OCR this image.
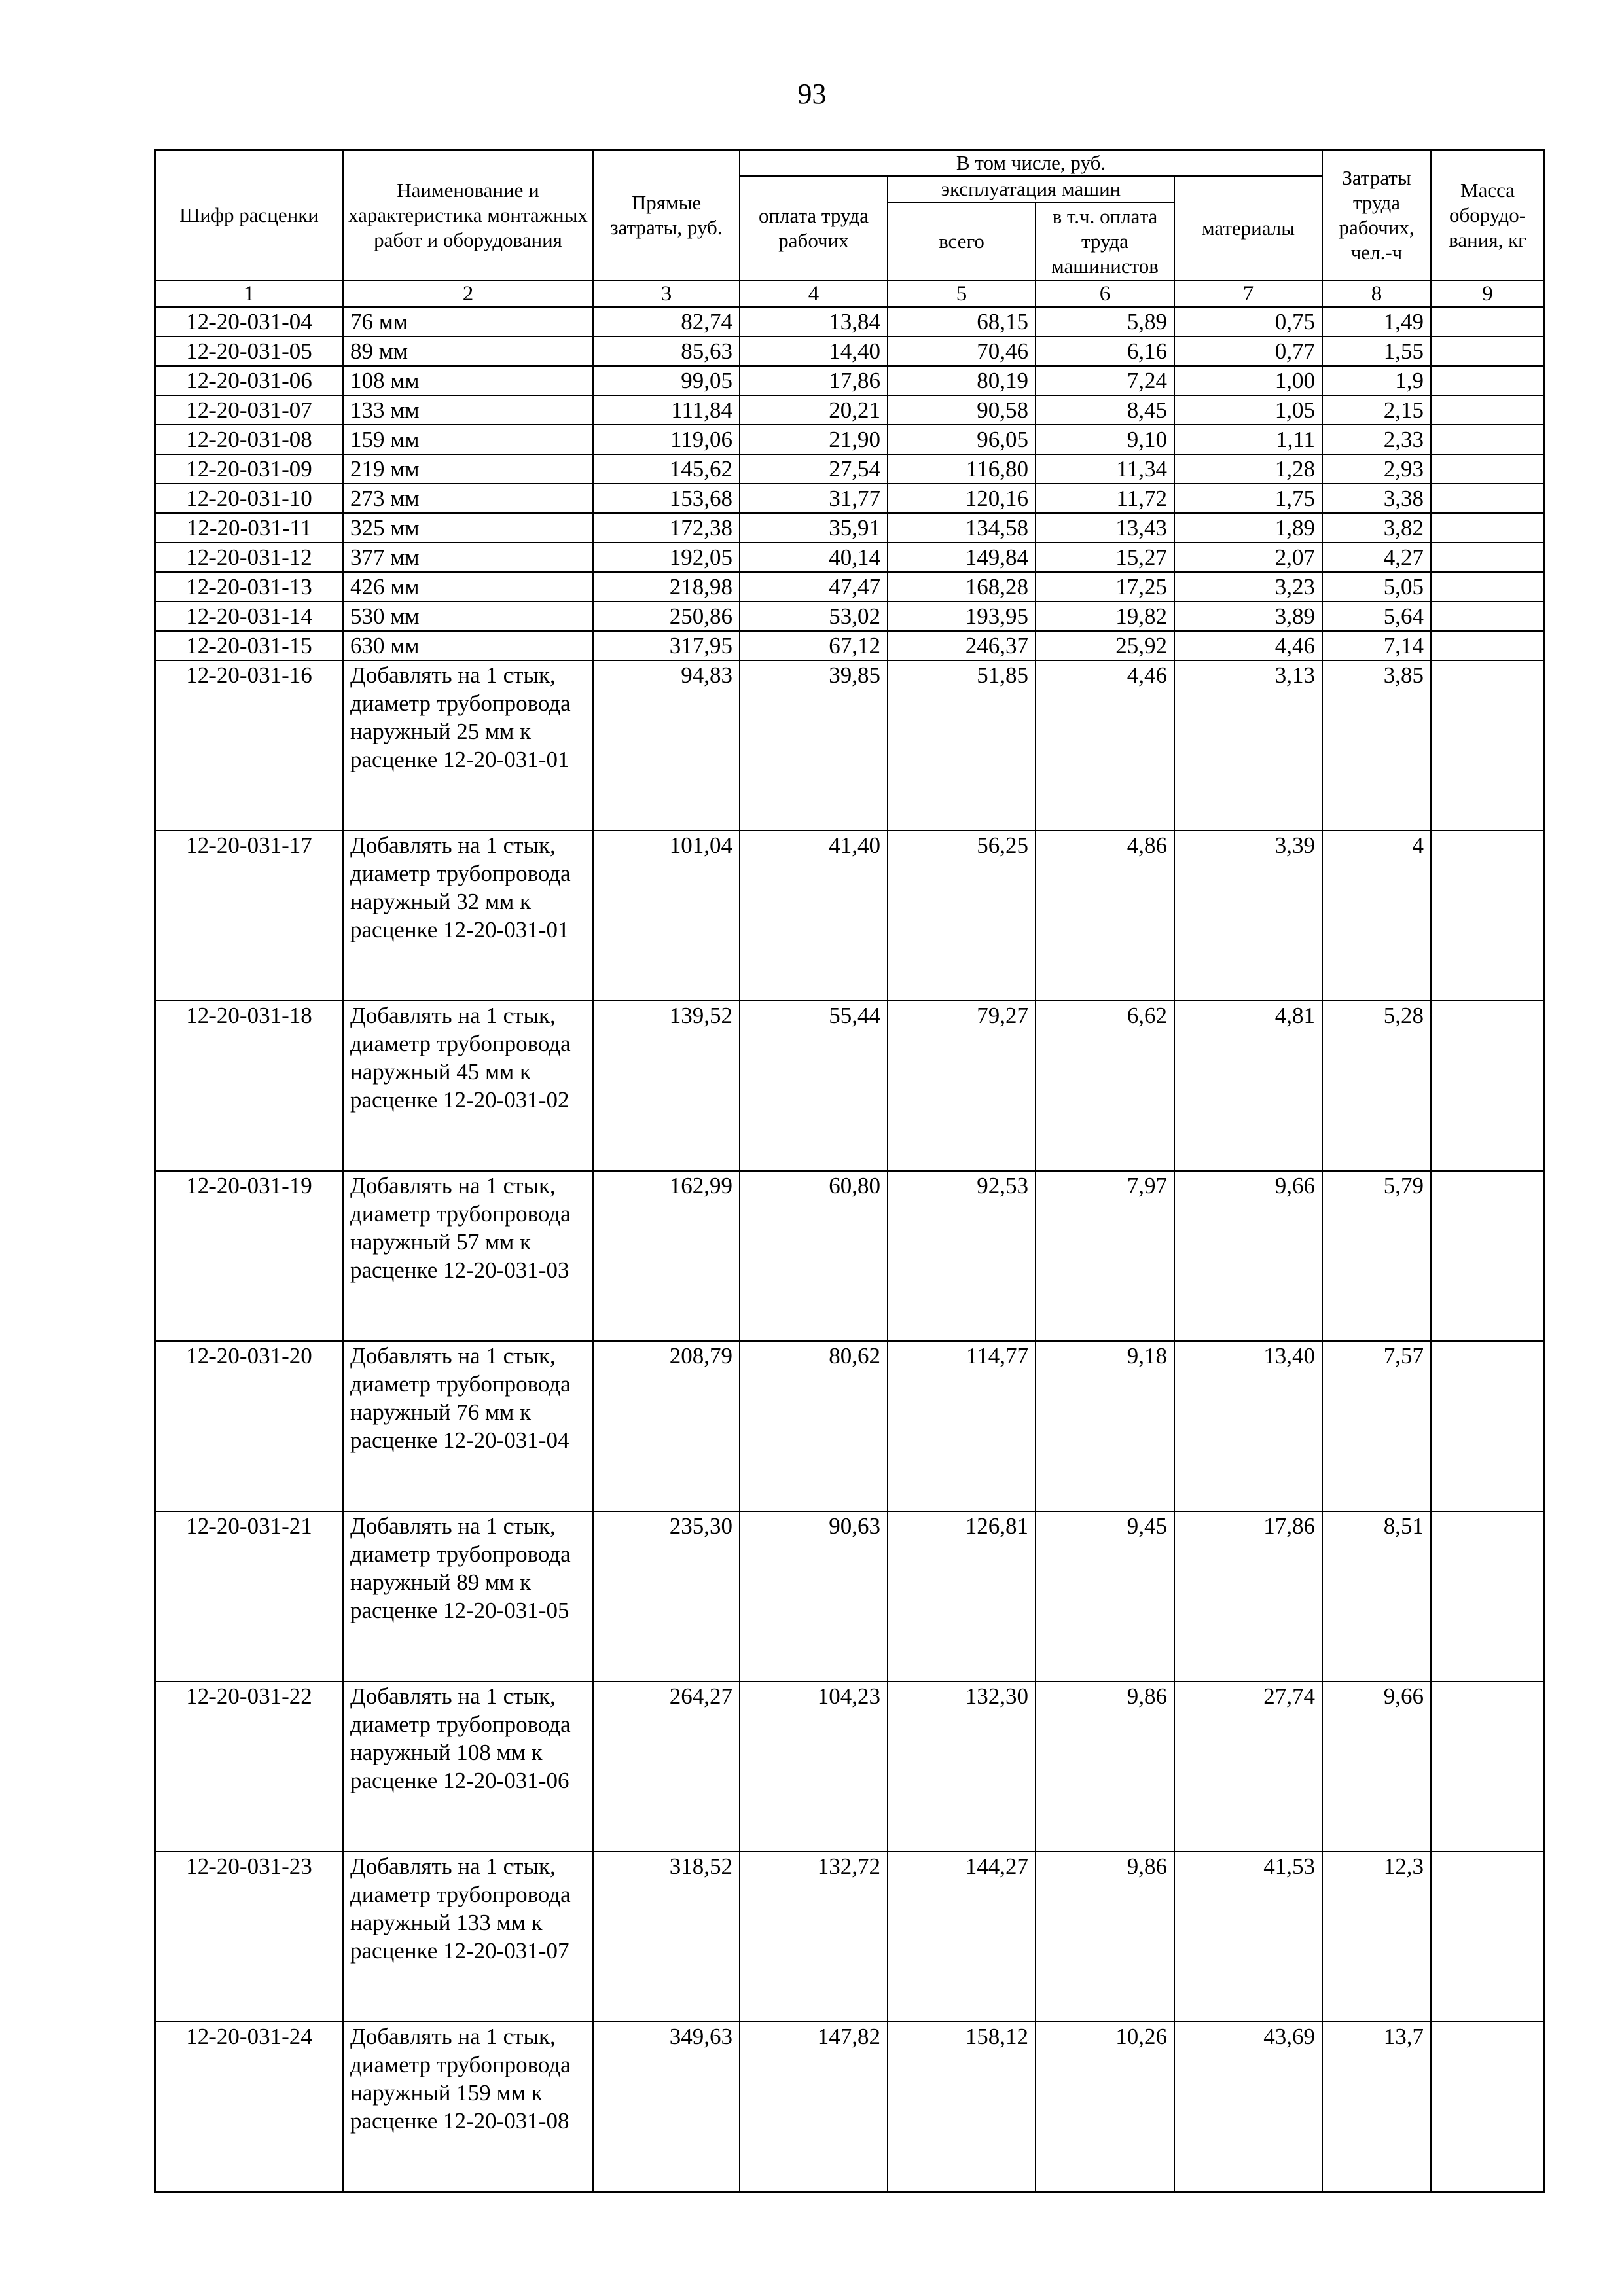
93
Шифр расценки	Наименование и характеристика монтажных работ и оборудования	Прямые затраты, руб.	В том числе, руб.				Затраты труда рабочих, чел.-ч	Масса оборудо-вания, кг
			оплата труда рабочих	эксплуатация машин		материалы		
				всего	в т.ч. оплата труда машинистов			
1	2	3	4	5	6	7	8	9
12-20-031-04	76 мм	82,74	13,84	68,15	5,89	0,75	1,49	
12-20-031-05	89 мм	85,63	14,40	70,46	6,16	0,77	1,55	
12-20-031-06	108 мм	99,05	17,86	80,19	7,24	1,00	1,9	
12-20-031-07	133 мм	111,84	20,21	90,58	8,45	1,05	2,15	
12-20-031-08	159 мм	119,06	21,90	96,05	9,10	1,11	2,33	
12-20-031-09	219 мм	145,62	27,54	116,80	11,34	1,28	2,93	
12-20-031-10	273 мм	153,68	31,77	120,16	11,72	1,75	3,38	
12-20-031-11	325 мм	172,38	35,91	134,58	13,43	1,89	3,82	
12-20-031-12	377 мм	192,05	40,14	149,84	15,27	2,07	4,27	
12-20-031-13	426 мм	218,98	47,47	168,28	17,25	3,23	5,05	
12-20-031-14	530 мм	250,86	53,02	193,95	19,82	3,89	5,64	
12-20-031-15	630 мм	317,95	67,12	246,37	25,92	4,46	7,14	
12-20-031-16	Добавлять на 1 стык, диаметр трубопровода наружный 25 мм к расценке 12-20-031-01	94,83	39,85	51,85	4,46	3,13	3,85	
12-20-031-17	Добавлять на 1 стык, диаметр трубопровода наружный 32 мм к расценке 12-20-031-01	101,04	41,40	56,25	4,86	3,39	4	
12-20-031-18	Добавлять на 1 стык, диаметр трубопровода наружный 45 мм к расценке 12-20-031-02	139,52	55,44	79,27	6,62	4,81	5,28	
12-20-031-19	Добавлять на 1 стык, диаметр трубопровода наружный 57 мм к расценке 12-20-031-03	162,99	60,80	92,53	7,97	9,66	5,79	
12-20-031-20	Добавлять на 1 стык, диаметр трубопровода наружный 76 мм к расценке 12-20-031-04	208,79	80,62	114,77	9,18	13,40	7,57	
12-20-031-21	Добавлять на 1 стык, диаметр трубопровода наружный 89 мм к расценке 12-20-031-05	235,30	90,63	126,81	9,45	17,86	8,51	
12-20-031-22	Добавлять на 1 стык, диаметр трубопровода наружный 108 мм к расценке 12-20-031-06	264,27	104,23	132,30	9,86	27,74	9,66	
12-20-031-23	Добавлять на 1 стык, диаметр трубопровода наружный 133 мм к расценке 12-20-031-07	318,52	132,72	144,27	9,86	41,53	12,3	
12-20-031-24	Добавлять на 1 стык, диаметр трубопровода наружный 159 мм к расценке 12-20-031-08	349,63	147,82	158,12	10,26	43,69	13,7	
